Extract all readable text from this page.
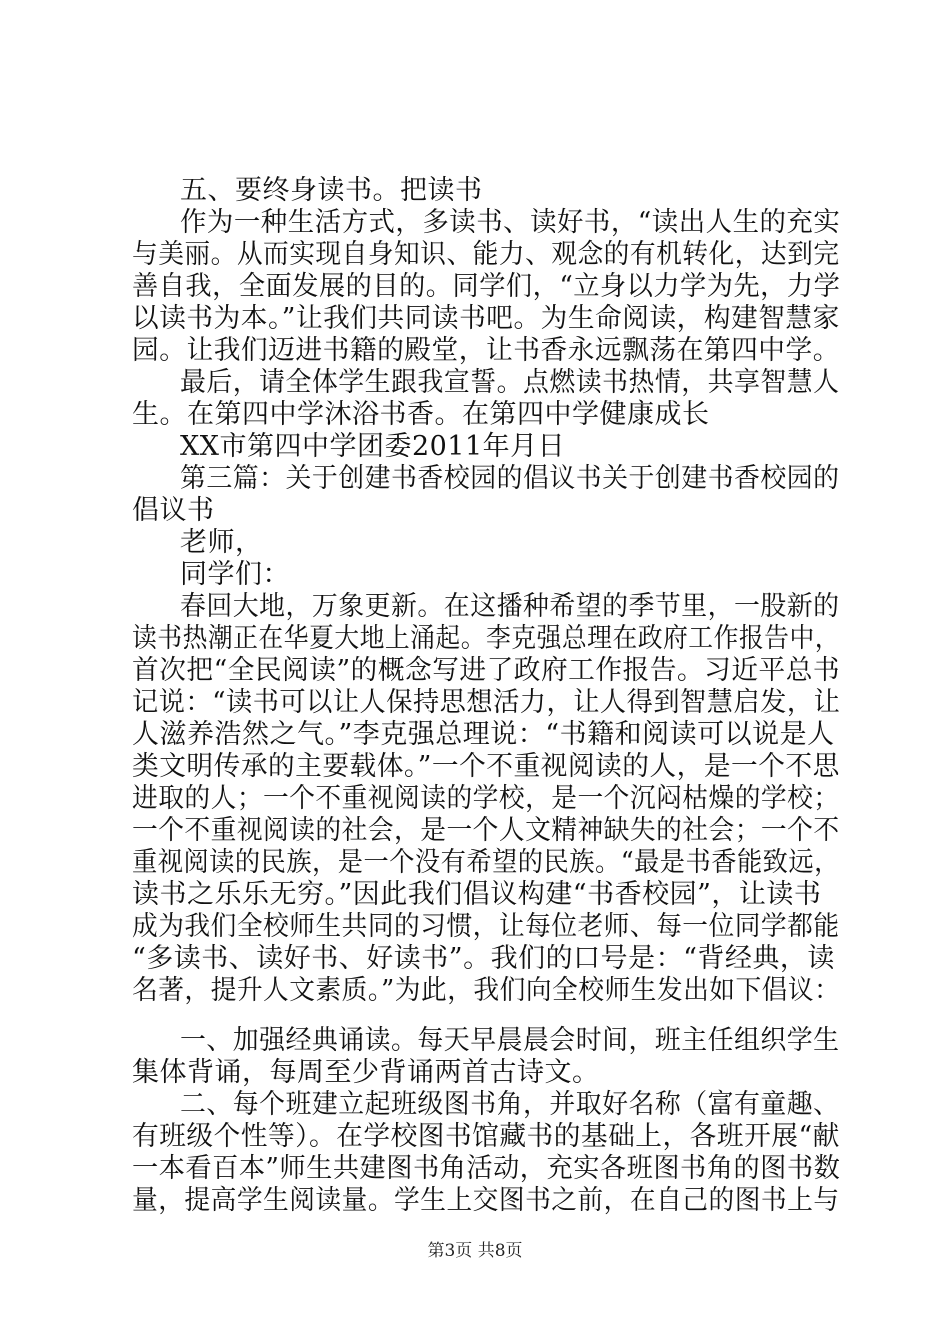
五、要终身读书。把读书
作为一种生活方式，多读书、读好书，“读出人生的充实
与美丽。从而实现自身知识、能力、观念的有机转化，达到完
善自我，全面发展的目的。同学们，“立身以力学为先，力学
以读书为本。”让我们共同读书吧。为生命阅读，构建智慧家
园。让我们迈进书籍的殿堂，让书香永远飘荡在第四中学。
最后，请全体学生跟我宣誓。点燃读书热情，共享智慧人
生。在第四中学沐浴书香。在第四中学健康成长
XX市第四中学团委2011年月日
第三篇：关于创建书香校园的倡议书关于创建书香校园的
倡议书
老师，
同学们：
春回大地，万象更新。在这播种希望的季节里，一股新的
读书热潮正在华夏大地上涌起。李克强总理在政府工作报告中，
首次把“全民阅读”的概念写进了政府工作报告。习近平总书
记说：“读书可以让人保持思想活力，让人得到智慧启发，让
人滋养浩然之气。”李克强总理说：“书籍和阅读可以说是人
类文明传承的主要载体。”一个不重视阅读的人，是一个不思
进取的人；一个不重视阅读的学校，是一个沉闷枯燥的学校；
一个不重视阅读的社会，是一个人文精神缺失的社会；一个不
重视阅读的民族，是一个没有希望的民族。“最是书香能致远，
读书之乐乐无穷。”因此我们倡议构建“书香校园”，让读书
成为我们全校师生共同的习惯，让每位老师、每一位同学都能
“多读书、读好书、好读书”。我们的口号是：“背经典，读
名著，提升人文素质。”为此，我们向全校师生发出如下倡议：
一、加强经典诵读。每天早晨晨会时间，班主任组织学生
集体背诵，每周至少背诵两首古诗文。
二、每个班建立起班级图书角，并取好名称（富有童趣、
有班级个性等）。在学校图书馆藏书的基础上，各班开展“献
一本看百本”师生共建图书角活动，充实各班图书角的图书数
量，提高学生阅读量。学生上交图书之前，在自己的图书上与
第3页 共8页
